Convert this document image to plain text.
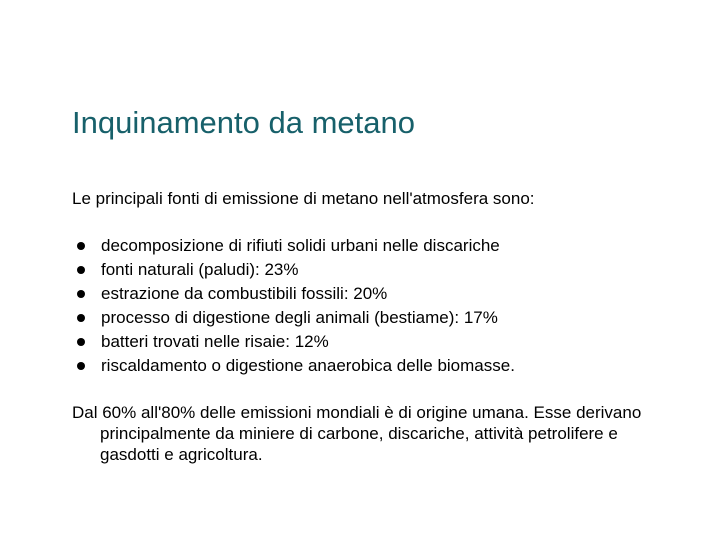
Inquinamento da metano

Le principali fonti di emissione di metano nell'atmosfera sono:

decomposizione di rifiuti solidi urbani nelle discariche
fonti naturali (paludi): 23%
estrazione da combustibili fossili: 20%
processo di digestione degli animali (bestiame): 17%
batteri trovati nelle risaie: 12%
riscaldamento o digestione anaerobica delle biomasse.

Dal 60% all'80% delle emissioni mondiali è di origine umana. Esse derivano principalmente da miniere di carbone, discariche, attività petrolifere e gasdotti e agricoltura.
